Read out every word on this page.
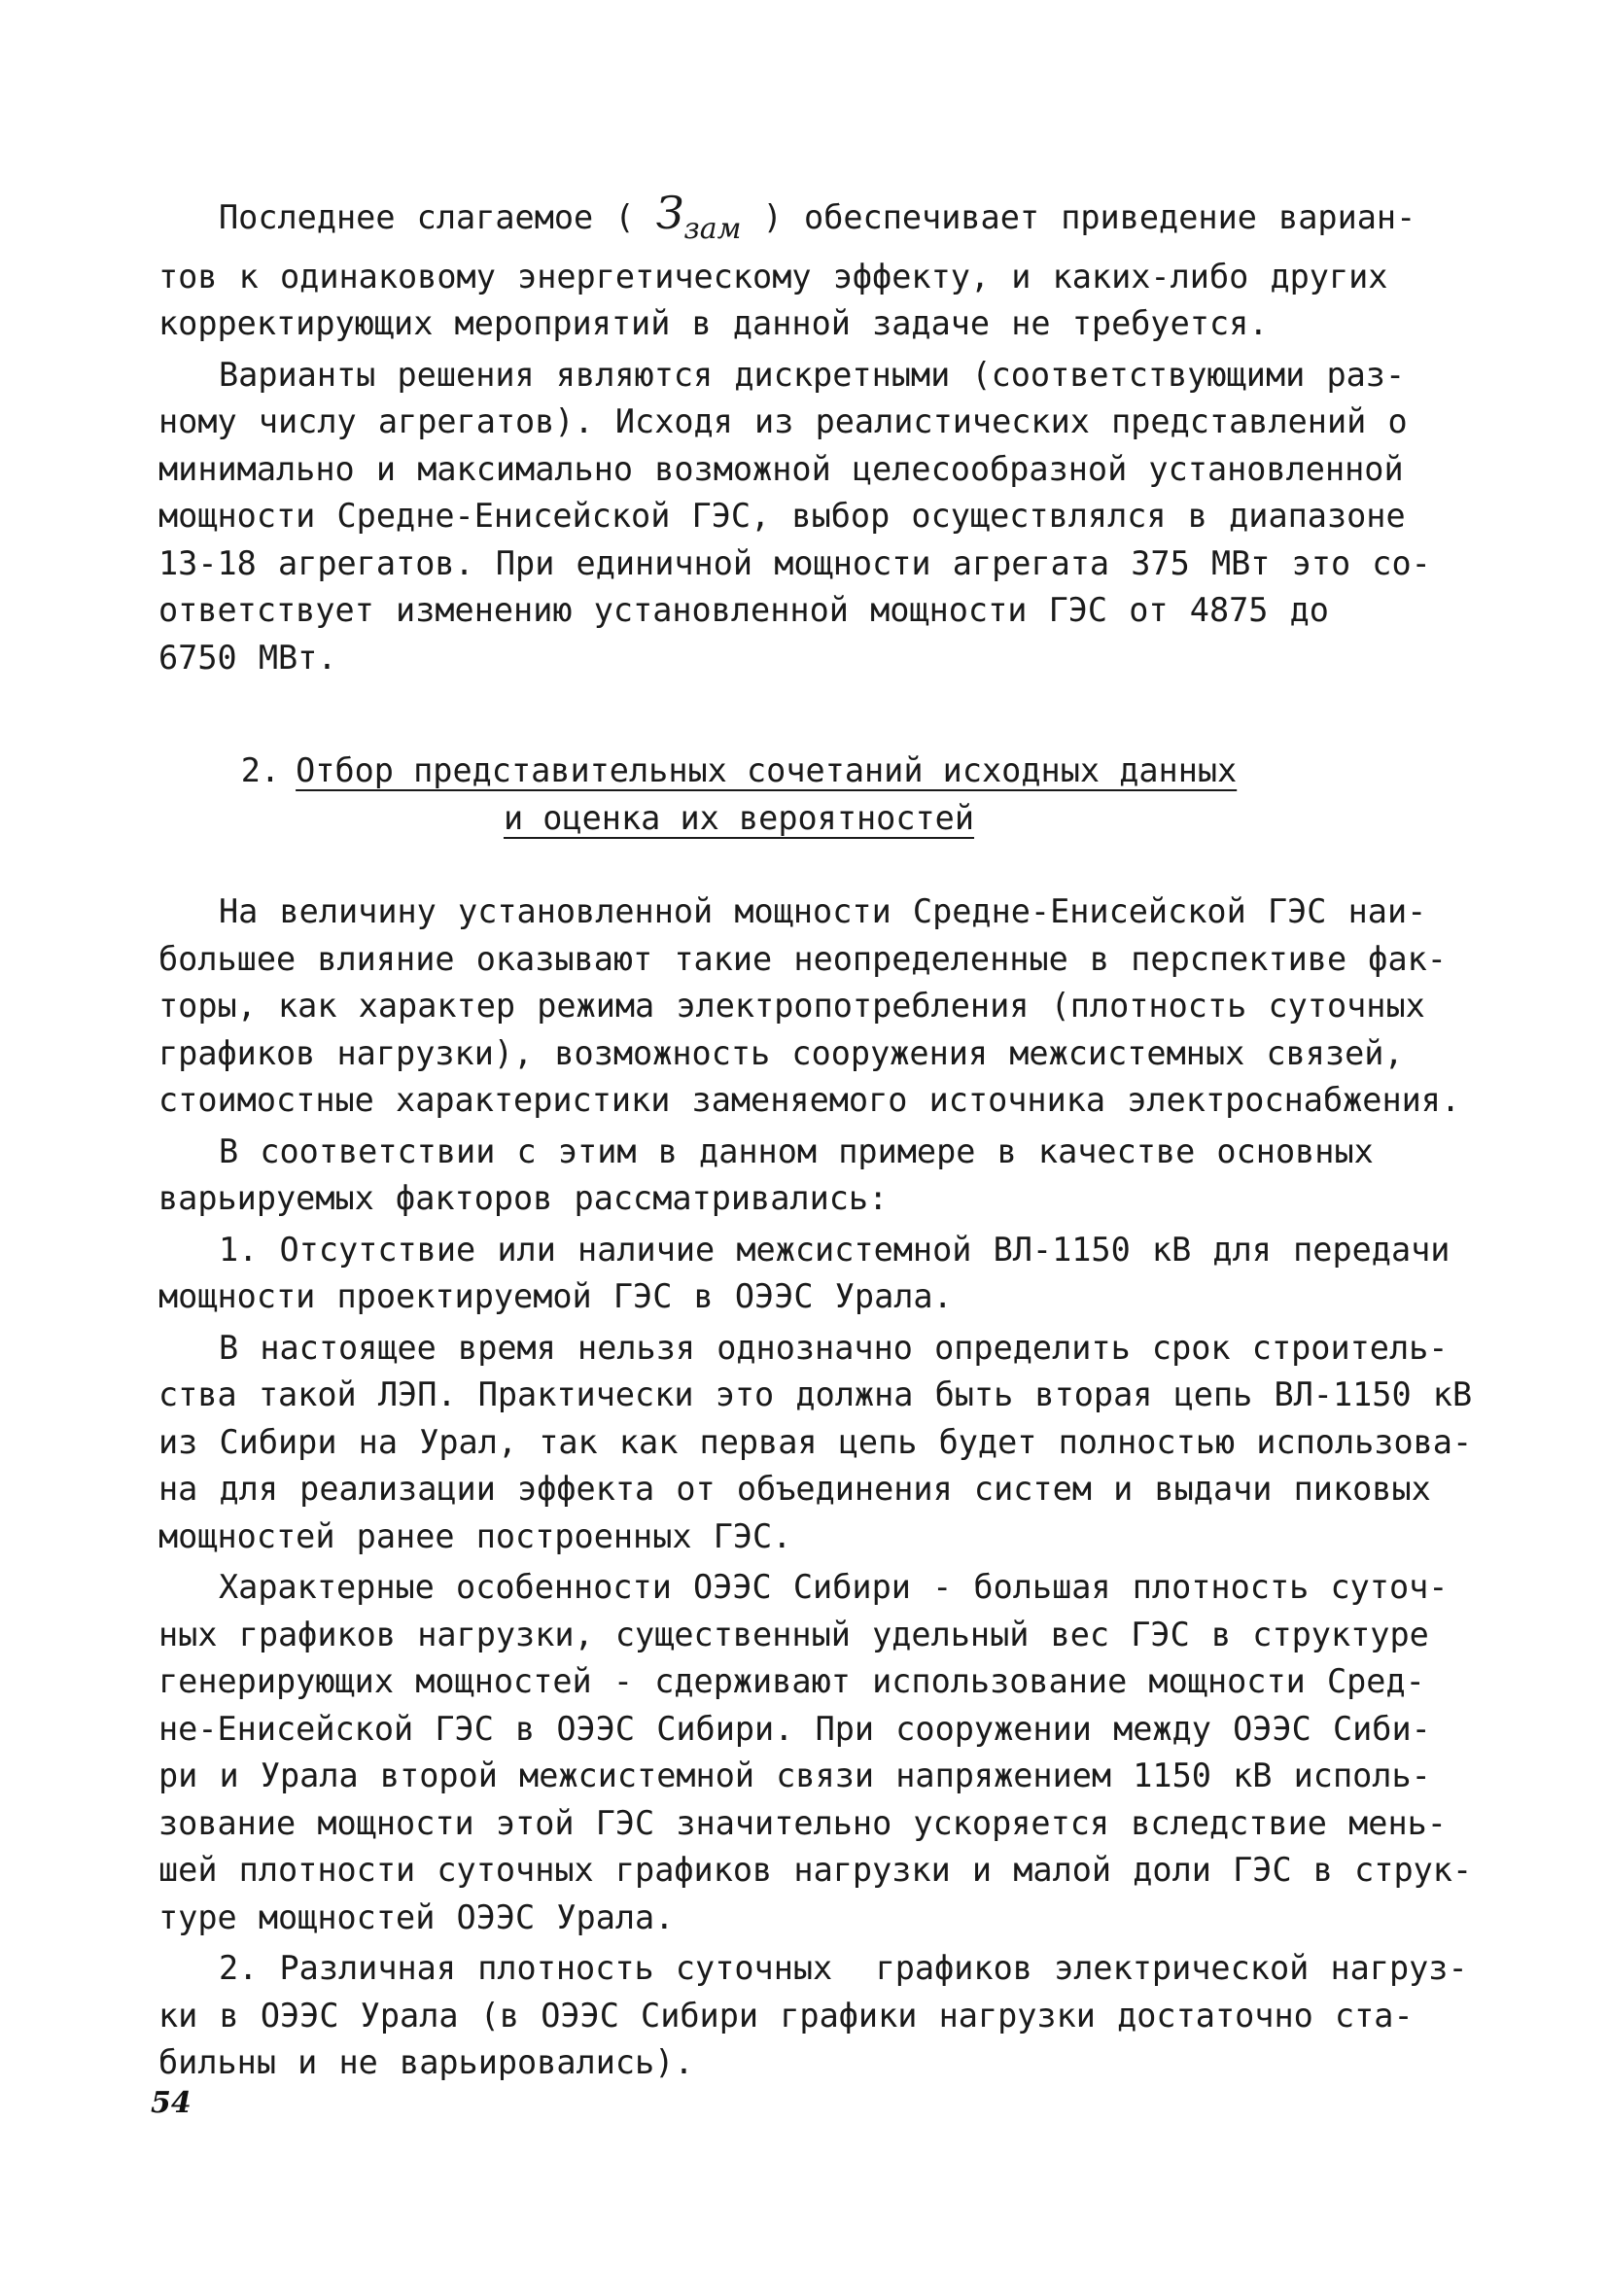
Последнее слагаемое ( $З_{зам}$ ) обеспечивает приведение вариан-
тов к одинаковому энергетическому эффекту, и каких-либо других
корректирующих мероприятий в данной задаче не требуется.
Варианты решения являются дискретными (соответствующими раз-
ному числу агрегатов). Исходя из реалистических представлений о
минимально и максимально возможной целесообразной установленной
мощности Средне-Енисейской ГЭС, выбор осуществлялся в диапазоне
13-18 агрегатов. При единичной мощности агрегата 375 МВт это со-
ответствует изменению установленной мощности ГЭС от 4875 до
6750 МВт.
2. Отбор представительных сочетаний исходных данных
и оценка их вероятностей
На величину установленной мощности Средне-Енисейской ГЭС наи-
большее влияние оказывают такие неопределенные в перспективе фак-
торы, как характер режима электропотребления (плотность суточных
графиков нагрузки), возможность сооружения межсистемных связей,
стоимостные характеристики заменяемого источника электроснабжения.
В соответствии с этим в данном примере в качестве основных
варьируемых факторов рассматривались:
1. Отсутствие или наличие межсистемной ВЛ-1150 кВ для передачи
мощности проектируемой ГЭС в ОЭЭС Урала.
В настоящее время нельзя однозначно определить срок строитель-
ства такой ЛЭП. Практически это должна быть вторая цепь ВЛ-1150 кВ
из Сибири на Урал, так как первая цепь будет полностью использова-
на для реализации эффекта от объединения систем и выдачи пиковых
мощностей ранее построенных ГЭС.
Характерные особенности ОЭЭС Сибири - большая плотность суточ-
ных графиков нагрузки, существенный удельный вес ГЭС в структуре
генерирующих мощностей - сдерживают использование мощности Сред-
не-Енисейской ГЭС в ОЭЭС Сибири. При сооружении между ОЭЭС Сиби-
ри и Урала второй межсистемной связи напряжением 1150 кВ исполь-
зование мощности этой ГЭС значительно ускоряется вследствие мень-
шей плотности суточных графиков нагрузки и малой доли ГЭС в струк-
туре мощностей ОЭЭС Урала.
2. Различная плотность суточных  графиков электрической нагруз-
ки в ОЭЭС Урала (в ОЭЭС Сибири графики нагрузки достаточно ста-
бильны и не варьировались).
54
